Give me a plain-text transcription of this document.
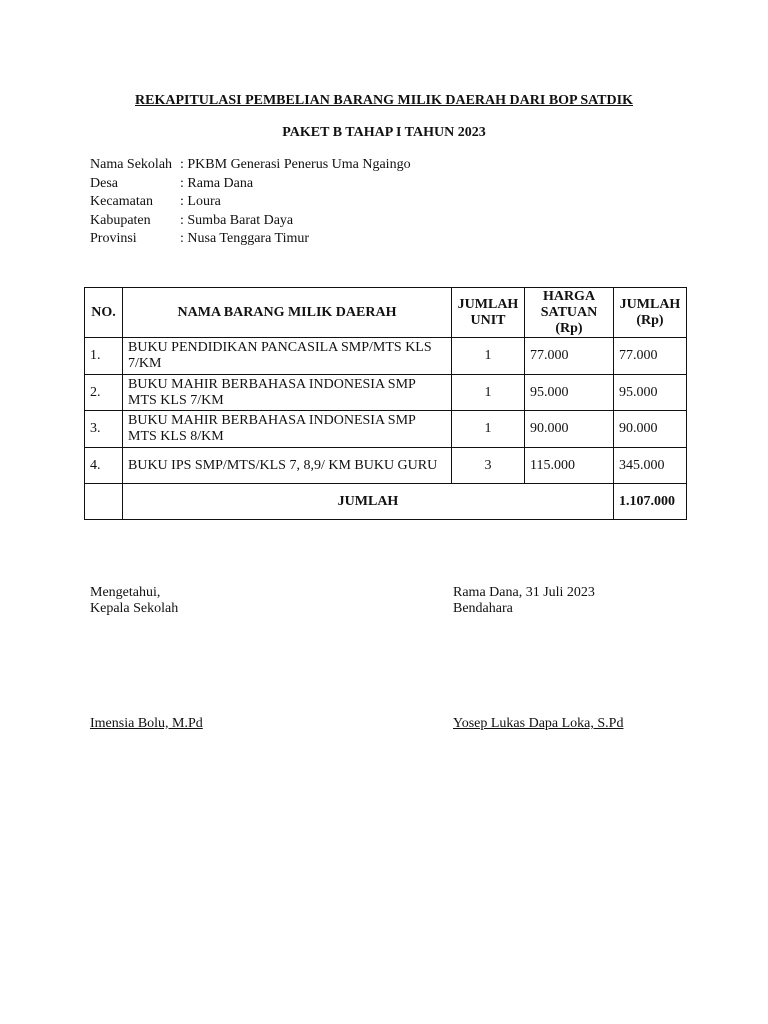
REKAPITULASI PEMBELIAN BARANG MILIK DAERAH DARI BOP SATDIK
PAKET B TAHAP I TAHUN 2023
Nama Sekolah : PKBM Generasi Penerus Uma Ngaingo
Desa	: Rama Dana
Kecamatan	: Loura
Kabupaten	: Sumba Barat Daya
Provinsi	: Nusa Tenggara Timur
NO.	NAMA BARANG MILIK DAERAH	JUMLAH UNIT	HARGA SATUAN (Rp)	JUMLAH (Rp)
1.	BUKU PENDIDIKAN PANCASILA SMP/MTS KLS 7/KM	1	77.000	77.000
2.	BUKU MAHIR BERBAHASA INDONESIA SMP MTS KLS 7/KM	1	95.000	95.000
3.	BUKU MAHIR BERBAHASA INDONESIA SMP MTS KLS 8/KM	1	90.000	90.000
4.	BUKU IPS SMP/MTS/KLS 7, 8,9/ KM BUKU GURU	3	115.000	345.000
	JUMLAH			1.107.000
Mengetahui,
Kepala Sekolah
Rama Dana, 31 Juli 2023
Bendahara
Imensia Bolu, M.Pd	Yosep Lukas Dapa Loka, S.Pd
